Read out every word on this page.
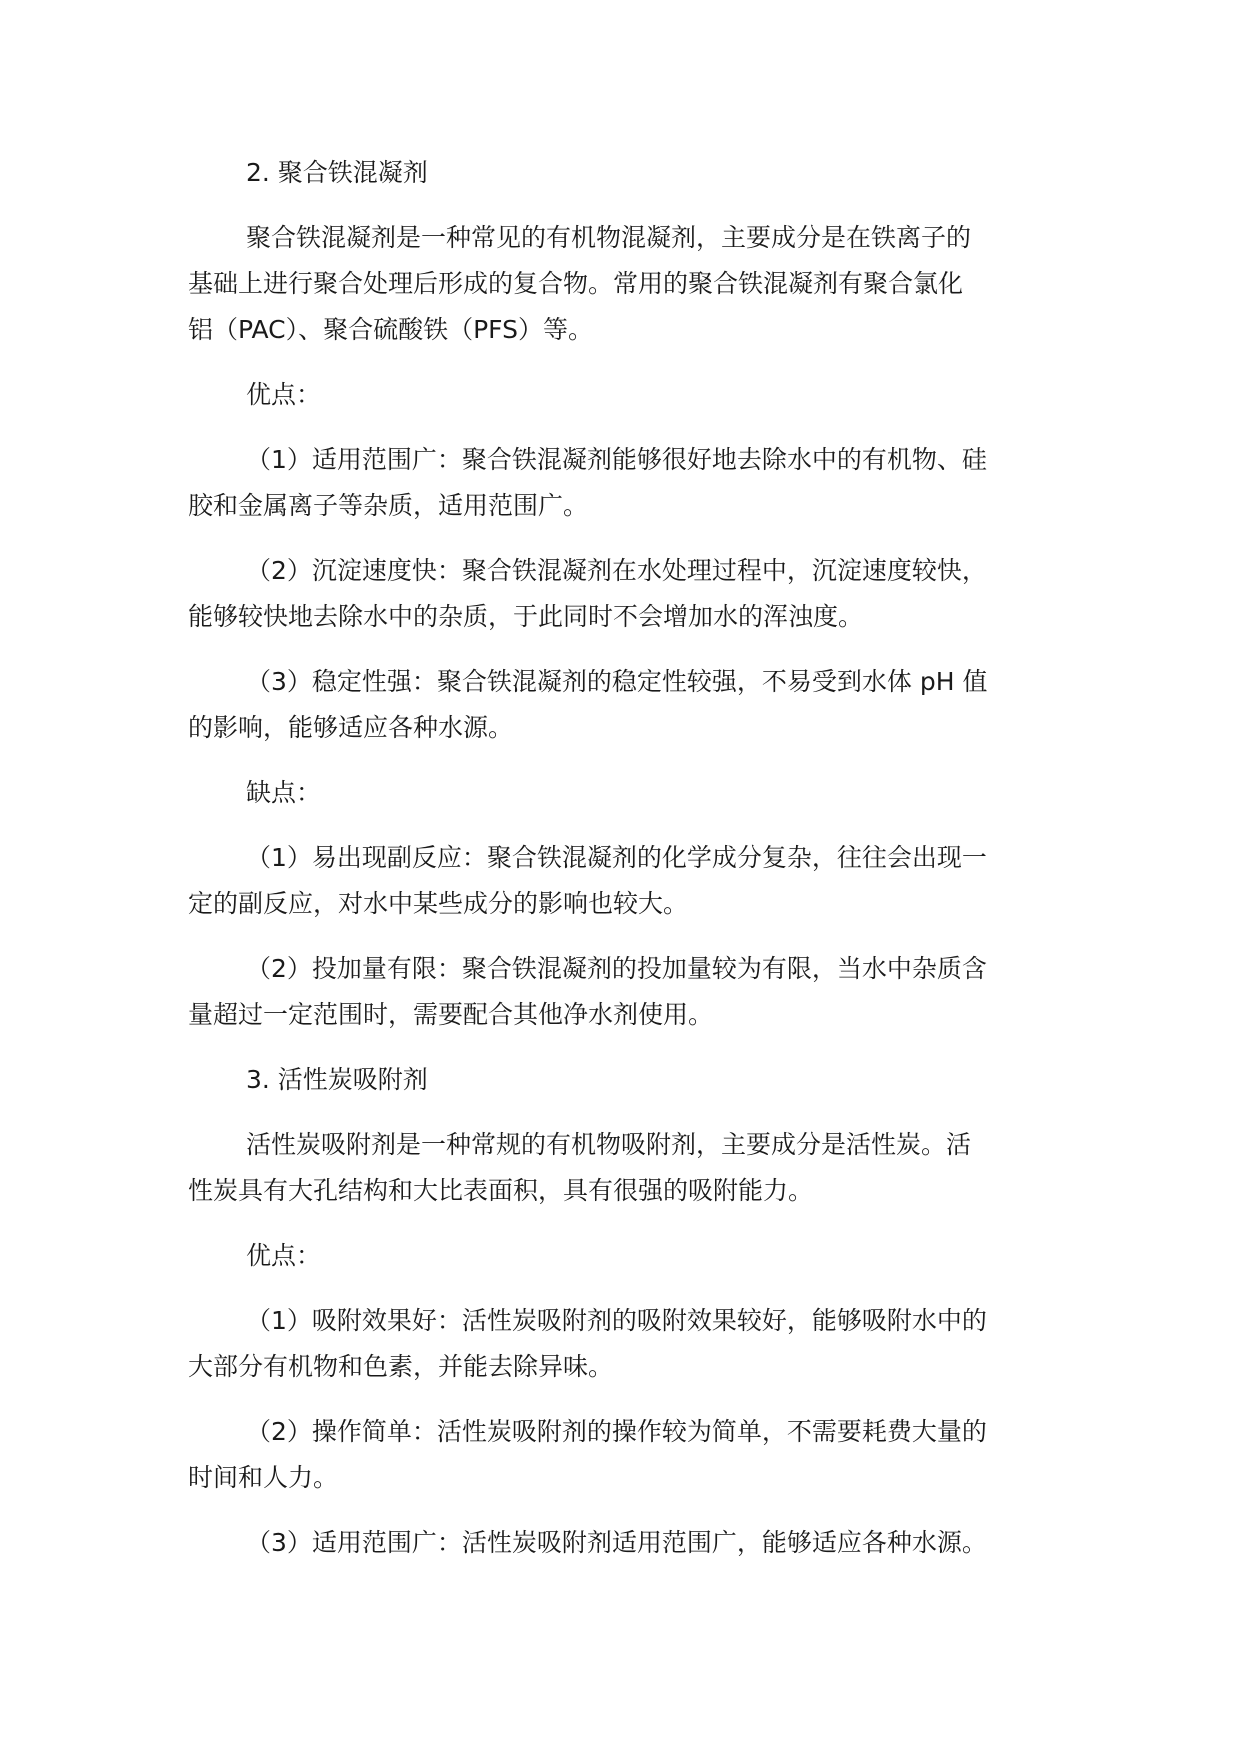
2. 聚合铁混凝剂

聚合铁混凝剂是一种常见的有机物混凝剂，主要成分是在铁离子的
基础上进行聚合处理后形成的复合物。常用的聚合铁混凝剂有聚合氯化
铝（PAC）、聚合硫酸铁（PFS）等。

优点：

（1）适用范围广：聚合铁混凝剂能够很好地去除水中的有机物、硅
胶和金属离子等杂质，适用范围广。

（2）沉淀速度快：聚合铁混凝剂在水处理过程中，沉淀速度较快，
能够较快地去除水中的杂质，于此同时不会增加水的浑浊度。

（3）稳定性强：聚合铁混凝剂的稳定性较强，不易受到水体 pH 值
的影响，能够适应各种水源。

缺点：

（1）易出现副反应：聚合铁混凝剂的化学成分复杂，往往会出现一
定的副反应，对水中某些成分的影响也较大。

（2）投加量有限：聚合铁混凝剂的投加量较为有限，当水中杂质含
量超过一定范围时，需要配合其他净水剂使用。

3. 活性炭吸附剂

活性炭吸附剂是一种常规的有机物吸附剂，主要成分是活性炭。活
性炭具有大孔结构和大比表面积，具有很强的吸附能力。

优点：

（1）吸附效果好：活性炭吸附剂的吸附效果较好，能够吸附水中的
大部分有机物和色素，并能去除异味。

（2）操作简单：活性炭吸附剂的操作较为简单，不需要耗费大量的
时间和人力。

（3）适用范围广：活性炭吸附剂适用范围广，能够适应各种水源。
